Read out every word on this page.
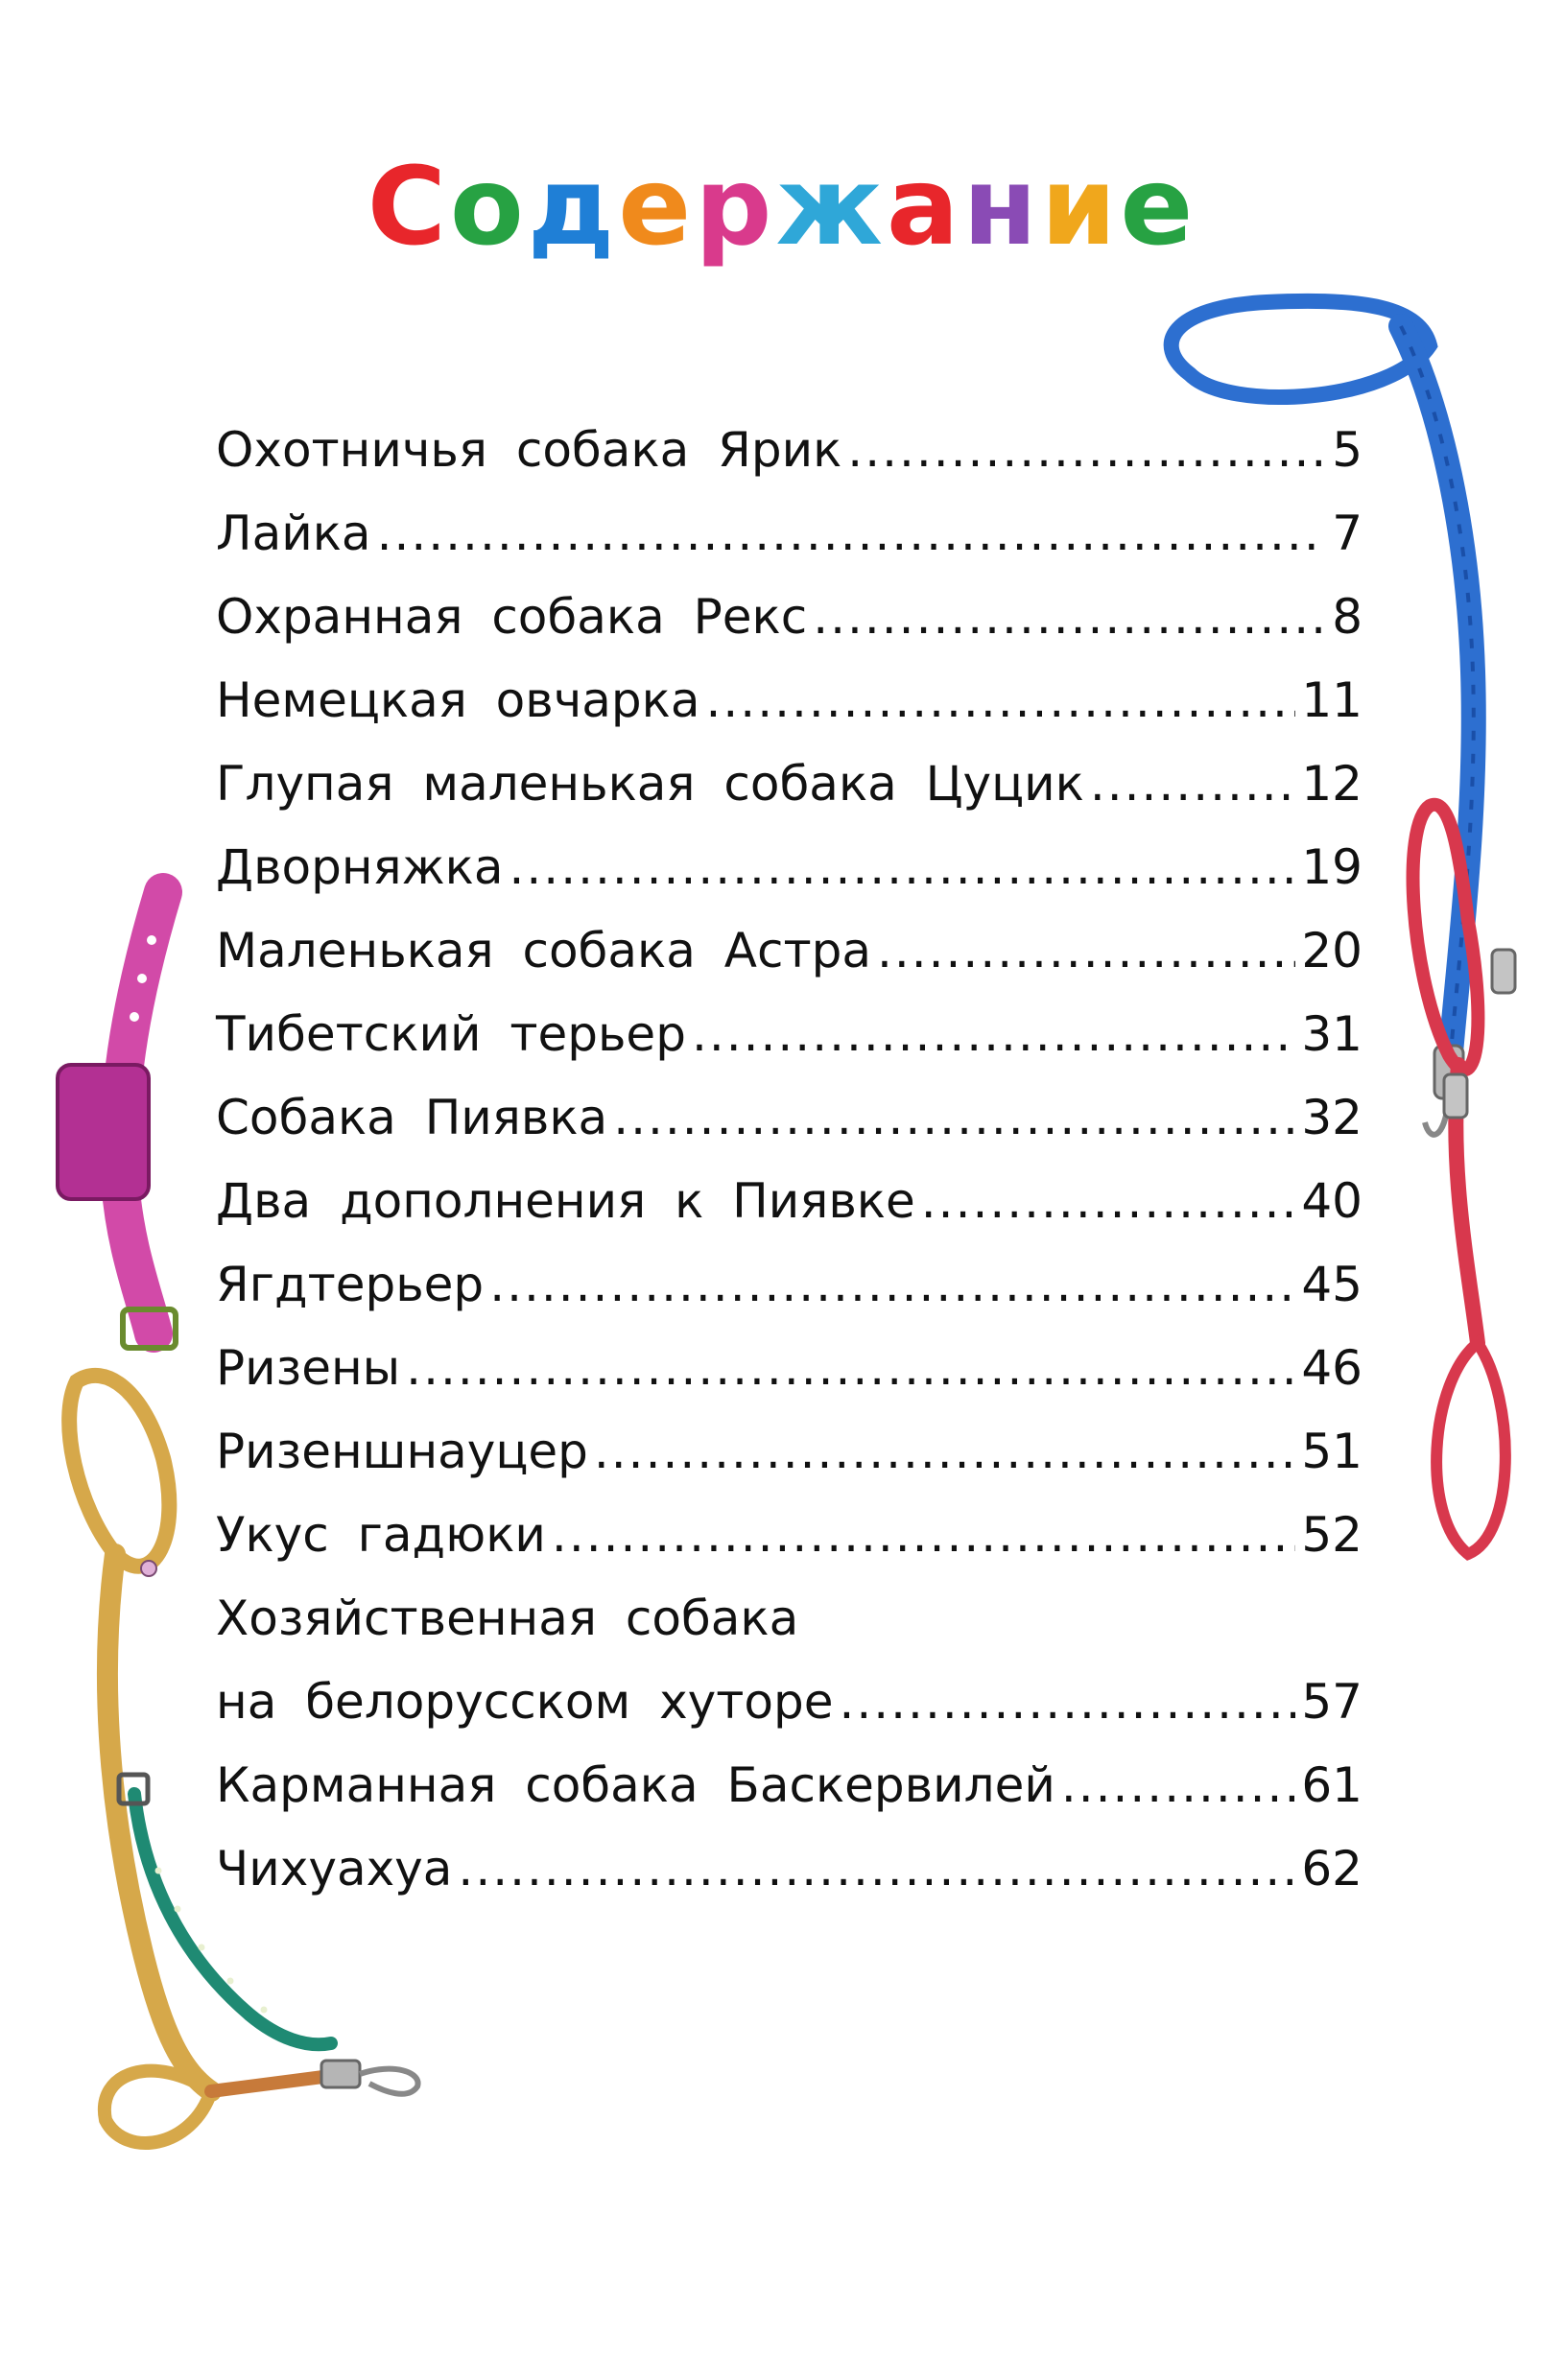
Содержание
Охотничья собака Ярик .....	5
Лайка .....	7
Охранная собака Рекс .....	8
Немецкая овчарка .....	11
Глупая маленькая собака Цуцик .....	12
Дворняжка .....	19
Маленькая собака Астра .....	20
Тибетский терьер .....	31
Собака Пиявка .....	32
Два дополнения к Пиявке .....	40
Ягдтерьер .....	45
Ризены .....	46
Ризеншнауцер .....	51
Укус гадюки .....	52
Хозяйственная собака
на белорусском хуторе .....	57
Карманная собака Баскервилей .....	61
Чихуахуа .....	62
